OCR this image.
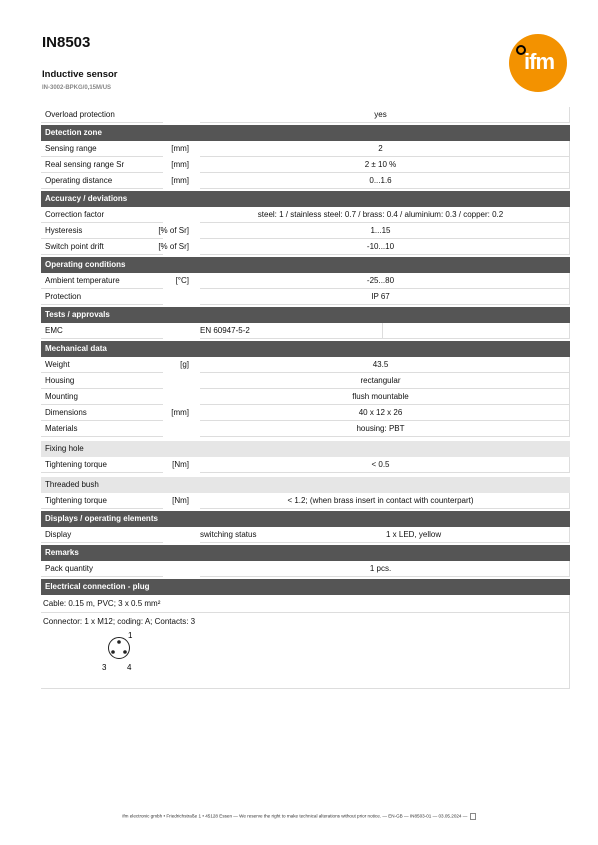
IN8503
Inductive sensor
IN-3002-BPKG/0,15M/US
ifm
Overload protection	yes
Detection zone
Sensing range	[mm]	2
Real sensing range Sr	[mm]	2 ± 10 %
Operating distance	[mm]	0...1.6
Accuracy / deviations
Correction factor	steel: 1 / stainless steel: 0.7 / brass: 0.4 / aluminium: 0.3 / copper: 0.2
Hysteresis	[% of Sr]	1...15
Switch point drift	[% of Sr]	-10...10
Operating conditions
Ambient temperature	[°C]	-25...80
Protection	IP 67
Tests / approvals
EMC	EN 60947-5-2
Mechanical data
Weight	[g]	43.5
Housing	rectangular
Mounting	flush mountable
Dimensions	[mm]	40 x 12 x 26
Materials	housing: PBT
Fixing hole
Tightening torque	[Nm]	< 0.5
Threaded bush
Tightening torque	[Nm]	< 1.2; (when brass insert in contact with counterpart)
Displays / operating elements
Display	switching status	1 x LED, yellow
Remarks
Pack quantity	1 pcs.
Electrical connection - plug
Cable: 0.15 m, PVC; 3 x 0.5 mm²
Connector: 1 x M12; coding: A; Contacts: 3
1
3	4
ifm electronic gmbh • Friedrichstraße 1 • 45128 Essen — We reserve the right to make technical alterations without prior notice. — EN-GB — IN8503-01 — 03.05.2024 —
